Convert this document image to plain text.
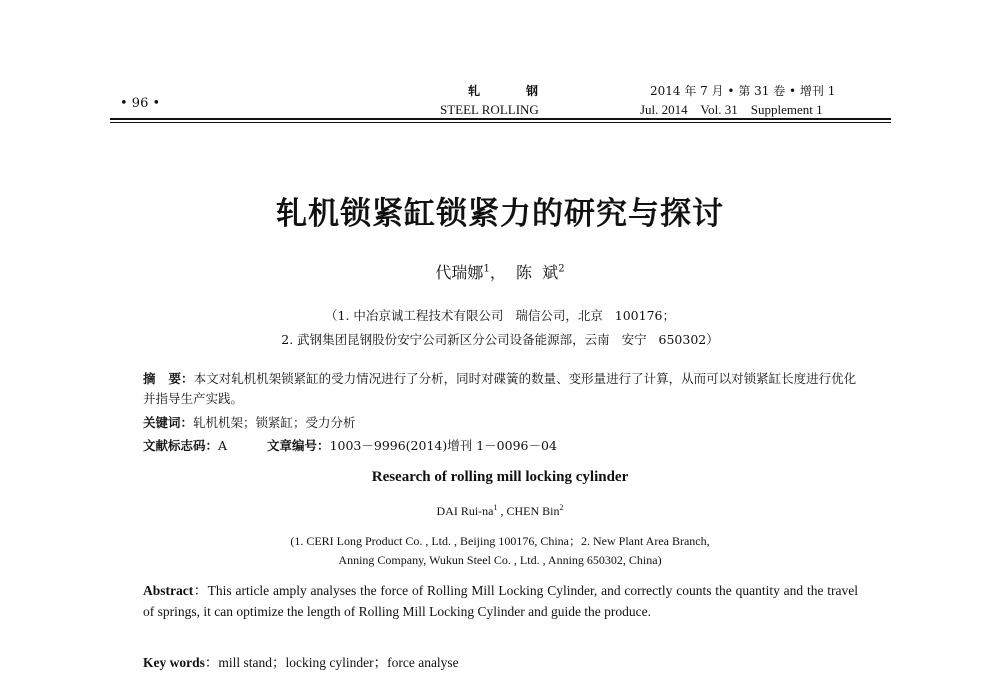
• 96 •
轧钢
STEEL ROLLING
2014 年 7 月 • 第 31 卷 • 增刊 1
Jul. 2014    Vol. 31    Supplement 1
轧机锁紧缸锁紧力的研究与探讨
代瑞娜$^1$，  陈  斌$^2$
（1. 中冶京诚工程技术有限公司   瑞信公司，北京   100176；
2. 武钢集团昆钢股份安宁公司新区分公司设备能源部，云南   安宁   650302）
摘   要：本文对轧机机架锁紧缸的受力情况进行了分析，同时对碟簧的数量、变形量进行了计算，从而可以对锁紧缸长度进行优化并指导生产实践。
关键词：轧机机架；锁紧缸；受力分析
文献标志码：A	文章编号：1003－9996(2014)增刊 1－0096－04
Research of rolling mill locking cylinder
DAI Rui-$na^1$ , CHEN Bin$^2$
(1. CERI Long Product Co. , Ltd. , Beijing 100176, China；2. New Plant Area Branch,
Anning Company, Wukun Steel Co. , Ltd. , Anning 650302, China)
Abstract：This article amply analyses the force of Rolling Mill Locking Cylinder, and correctly counts the quantity and the travel of springs, it can optimize the length of Rolling Mill Locking Cylinder and guide the produce.
Key words：mill stand；locking cylinder；force analyse
